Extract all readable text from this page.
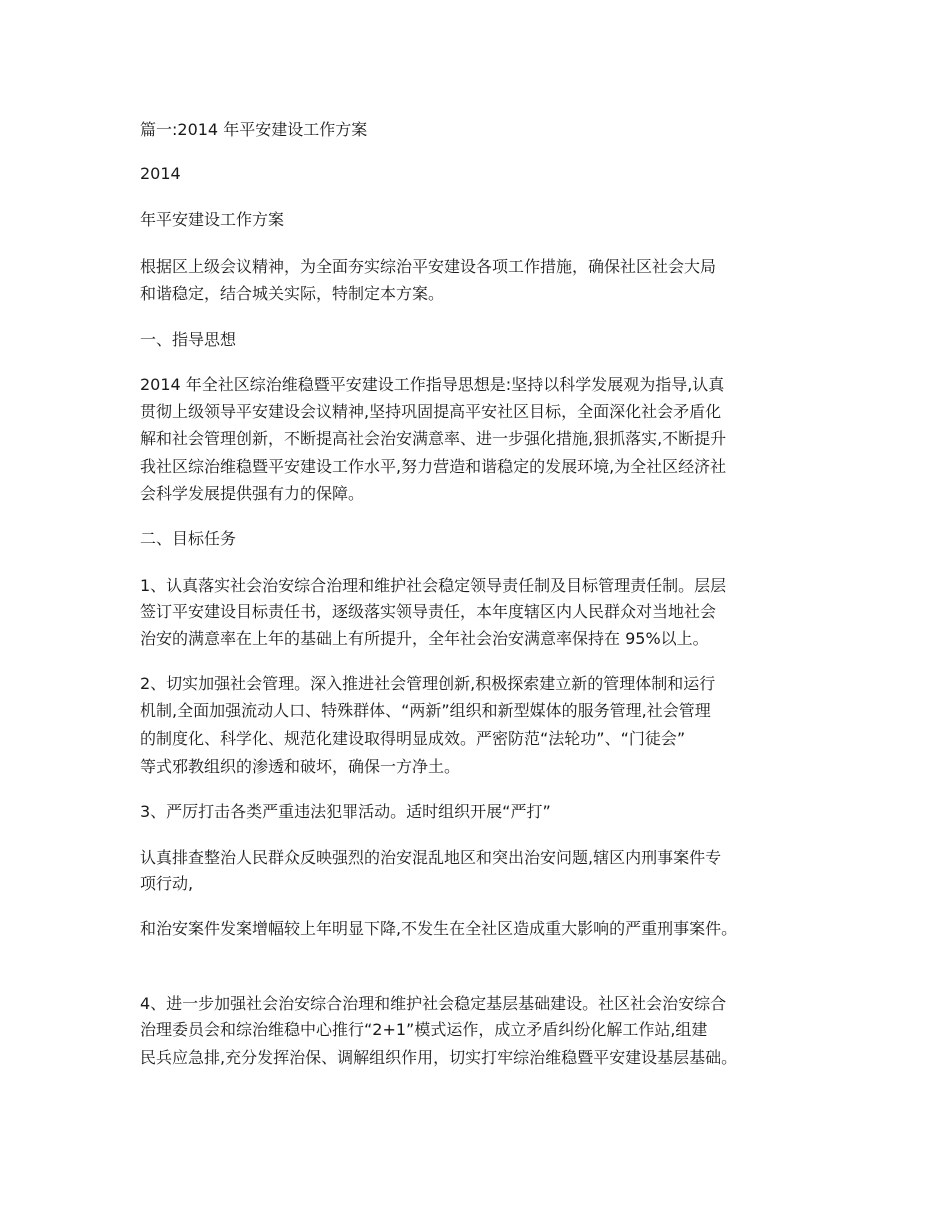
篇一:2014 年平安建设工作方案
2014
年平安建设工作方案
根据区上级会议精神，为全面夯实综治平安建设各项工作措施，确保社区社会大局
和谐稳定，结合城关实际，特制定本方案。
一、指导思想
2014 年全社区综治维稳暨平安建设工作指导思想是:坚持以科学发展观为指导,认真
贯彻上级领导平安建设会议精神,坚持巩固提高平安社区目标，全面深化社会矛盾化
解和社会管理创新，不断提高社会治安满意率、进一步强化措施,狠抓落实,不断提升
我社区综治维稳暨平安建设工作水平,努力营造和谐稳定的发展环境,为全社区经济社
会科学发展提供强有力的保障。
二、目标任务
1、认真落实社会治安综合治理和维护社会稳定领导责任制及目标管理责任制。层层
签订平安建设目标责任书，逐级落实领导责任，本年度辖区内人民群众对当地社会
治安的满意率在上年的基础上有所提升，全年社会治安满意率保持在 95%以上。
2、切实加强社会管理。深入推进社会管理创新,积极探索建立新的管理体制和运行
机制,全面加强流动人口、特殊群体、“两新”组织和新型媒体的服务管理,社会管理
的制度化、科学化、规范化建设取得明显成效。严密防范“法轮功”、“门徒会”
等式邪教组织的渗透和破坏，确保一方净土。
3、严厉打击各类严重违法犯罪活动。适时组织开展“严打”
认真排查整治人民群众反映强烈的治安混乱地区和突出治安问题,辖区内刑事案件专
项行动,
和治安案件发案增幅较上年明显下降,不发生在全社区造成重大影响的严重刑事案件。
4、进一步加强社会治安综合治理和维护社会稳定基层基础建设。社区社会治安综合
治理委员会和综治维稳中心推行“2+1”模式运作，成立矛盾纠纷化解工作站,组建
民兵应急排,充分发挥治保、调解组织作用，切实打牢综治维稳暨平安建设基层基础。
